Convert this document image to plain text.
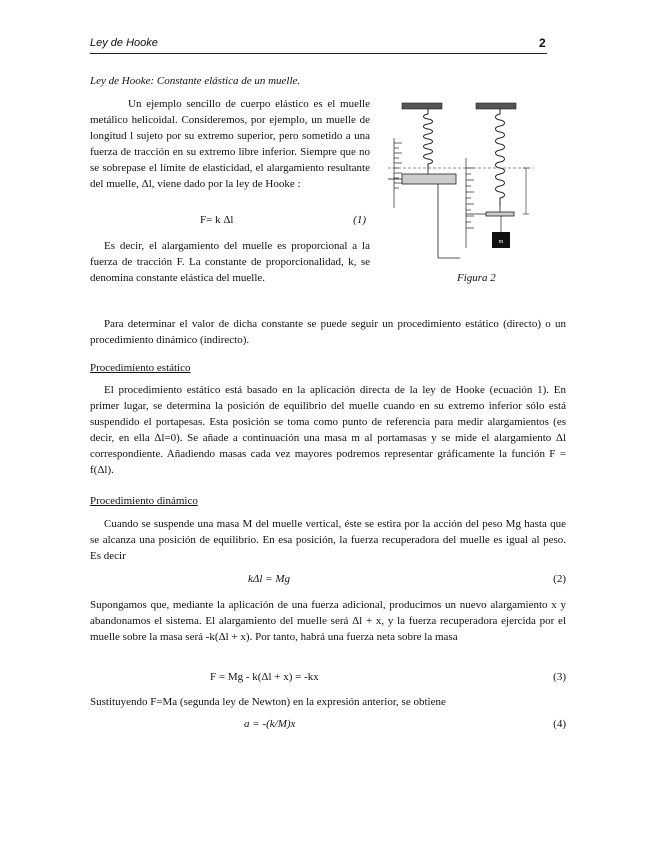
Ley de Hooke	2
Ley de Hooke: Constante elástica de un muelle.

Un ejemplo sencillo de cuerpo elástico es el muelle metálico helicoidal. Consideremos, por ejemplo, un muelle de longitud l sujeto por su extremo superior, pero sometido a una fuerza de tracción en su extremo libre inferior. Siempre que no se sobrepase el límite de elasticidad, el alargamiento resultante del muelle, Δl, viene dado por la ley de Hooke :

F= k Δl	(1)

Es decir, el alargamiento del muelle es proporcional a la fuerza de tracción F. La constante de proporcionalidad, k, se denomina constante elástica del muelle.

m
Figura 2

Para determinar el valor de dicha constante se puede seguir un procedimiento estático (directo) o un procedimiento dinámico (indirecto).

Procedimiento estático

El procedimiento estático está basado en la aplicación directa de la ley de Hooke (ecuación 1). En primer lugar, se determina la posición de equilibrio del muelle cuando en su extremo inferior sólo está suspendido el portapesas. Esta posición se toma como punto de referencia para medir alargamientos (es decir, en ella Δl=0). Se añade a continuación una masa m al portamasas y se mide el alargamiento Δl correspondiente. Añadiendo masas cada vez mayores podremos representar gráficamente la función F = f(Δl).

Procedimiento dinámico

Cuando se suspende una masa M del muelle vertical, éste se estira por la acción del peso Mg hasta que se alcanza una posición de equilibrio. En esa posición, la fuerza recuperadora del muelle es igual al peso. Es decir

kΔl = Mg	(2)

Supongamos que, mediante la aplicación de una fuerza adicional, producimos un nuevo alargamiento x y abandonamos el sistema. El alargamiento del muelle será Δl + x, y la fuerza recuperadora ejercida por el muelle sobre la masa será -k(Δl + x). Por tanto, habrá una fuerza neta sobre la masa

F = Mg - k(Δl + x) = -kx	(3)

Sustituyendo F=Ma (segunda ley de Newton) en la expresión anterior, se obtiene

a = -(k/M)x	(4)
